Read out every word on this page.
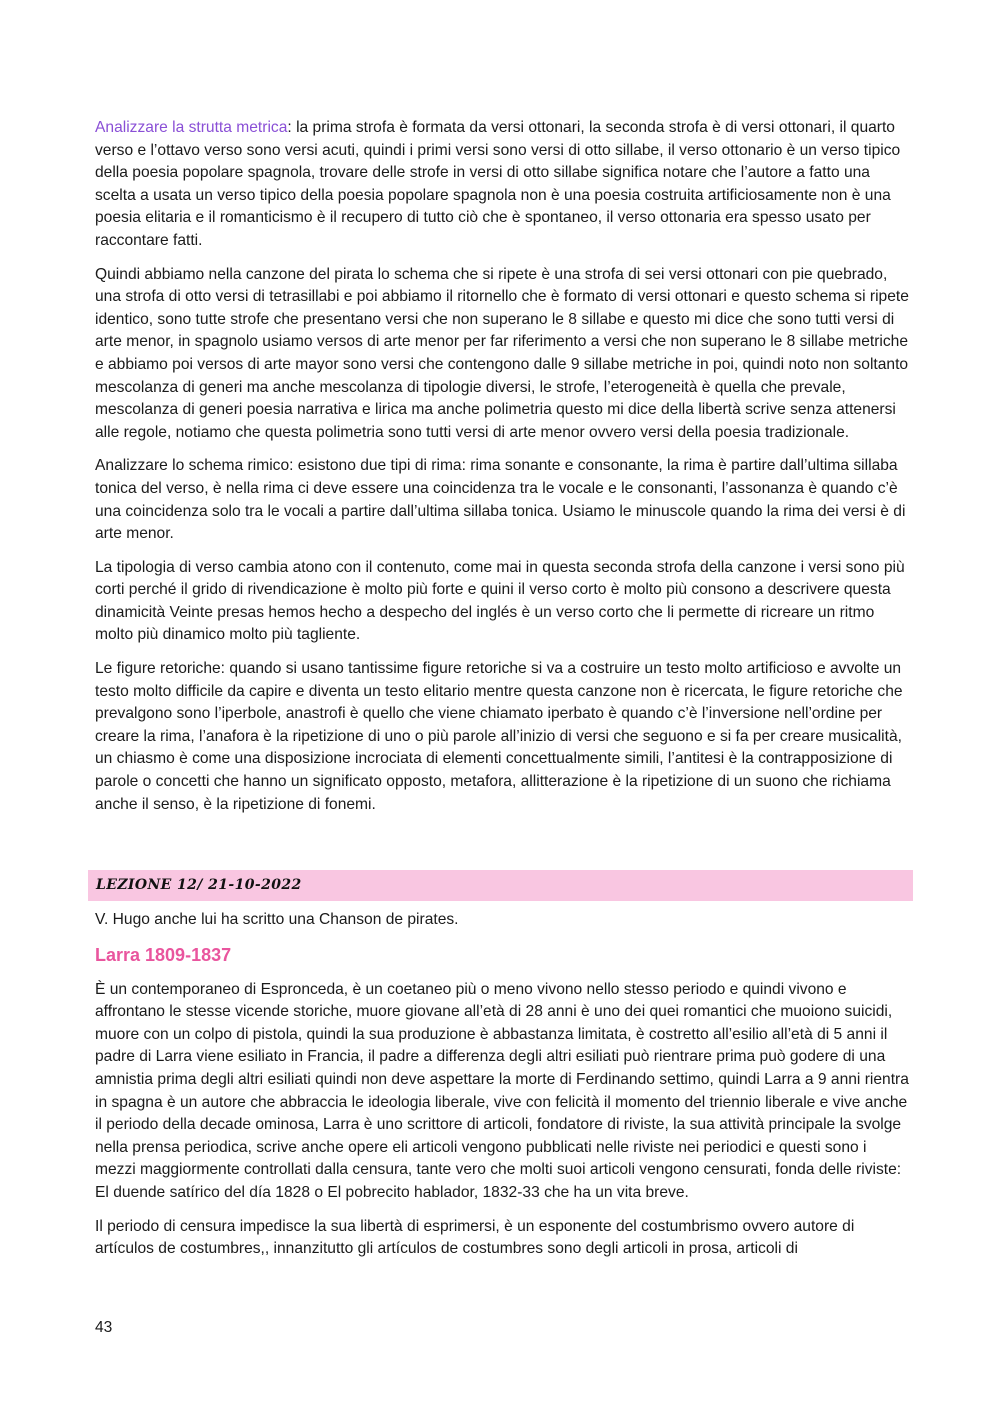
Analizzare la strutta metrica: la prima strofa è formata da versi ottonari, la seconda strofa è di versi ottonari, il quarto verso e l’ottavo verso sono versi acuti, quindi i primi versi sono versi di otto sillabe, il verso ottonario è un verso tipico della poesia popolare spagnola, trovare delle strofe in versi di otto sillabe significa notare che l’autore a fatto una scelta a usata un verso tipico della poesia popolare spagnola non è una poesia costruita artificiosamente non è una poesia elitaria e il romanticismo è il recupero di tutto ciò che è spontaneo, il verso ottonaria era spesso usato per raccontare fatti.

Quindi abbiamo nella canzone del pirata lo schema che si ripete è una strofa di sei versi ottonari con pie quebrado, una strofa di otto versi di tetrasillabi e poi abbiamo il ritornello che è formato di versi ottonari e questo schema si ripete identico, sono tutte strofe che presentano versi che non superano le 8 sillabe e questo mi dice che sono tutti versi di arte menor, in spagnolo usiamo versos di arte menor per far riferimento a versi che non superano le 8 sillabe metriche e abbiamo poi versos di arte mayor sono versi che contengono dalle 9 sillabe metriche in poi, quindi noto non soltanto mescolanza di generi ma anche mescolanza di tipologie diversi, le strofe, l’eterogeneità è quella che prevale, mescolanza di generi poesia narrativa e lirica ma anche polimetria questo mi dice della libertà scrive senza attenersi alle regole, notiamo che questa polimetria sono tutti versi di arte menor ovvero versi della poesia tradizionale.

Analizzare lo schema rimico: esistono due tipi di rima: rima sonante e consonante, la rima è partire dall’ultima sillaba tonica del verso, è nella rima ci deve essere una coincidenza tra le vocale e le consonanti, l’assonanza è quando c’è una coincidenza solo tra le vocali a partire dall’ultima sillaba tonica. Usiamo le minuscole quando la rima dei versi è di arte menor.

La tipologia di verso cambia atono con il contenuto, come mai in questa seconda strofa della canzone i versi sono più corti perché il grido di rivendicazione è molto più forte e quini il verso corto è molto più consono a descrivere questa dinamicità Veinte presas hemos hecho a despecho del inglés è un verso corto che li permette di ricreare un ritmo molto più dinamico molto più tagliente.

Le figure retoriche: quando si usano tantissime figure retoriche si va a costruire un testo molto artificioso e avvolte un testo molto difficile da capire e diventa un testo elitario mentre questa canzone non è ricercata, le figure retoriche che prevalgono sono l’iperbole, anastrofi è quello che viene chiamato iperbato è quando c’è l’inversione nell’ordine per creare la rima, l’anafora è la ripetizione di uno o più parole all’inizio di versi che seguono e si fa per creare musicalità, un chiasmo è come una disposizione incrociata di elementi concettualmente simili, l’antitesi è la contrapposizione di parole o concetti che hanno un significato opposto, metafora, allitterazione è la ripetizione di un suono che richiama anche il senso, è la ripetizione di fonemi.

LEZIONE 12/ 21-10-2022

V. Hugo anche lui ha scritto una Chanson de pirates.

Larra 1809-1837

È un contemporaneo di Espronceda, è un coetaneo più o meno vivono nello stesso periodo e quindi vivono e affrontano le stesse vicende storiche, muore giovane all’età di 28 anni è uno dei quei romantici che muoiono suicidi, muore con un colpo di pistola, quindi la sua produzione è abbastanza limitata, è costretto all’esilio all’età di 5 anni il padre di Larra viene esiliato in Francia, il padre a differenza degli altri esiliati può rientrare prima può godere di una amnistia prima degli altri esiliati quindi non deve aspettare la morte di Ferdinando settimo, quindi Larra a 9 anni rientra in spagna è un autore che abbraccia le ideologia liberale, vive con felicità il momento del triennio liberale e vive anche il periodo della decade ominosa, Larra è uno scrittore di articoli, fondatore di riviste, la sua attività principale la svolge nella prensa periodica, scrive anche opere eli articoli vengono pubblicati nelle riviste nei periodici e questi sono i mezzi maggiormente controllati dalla censura, tante vero che molti suoi articoli vengono censurati, fonda delle riviste: El duende satírico del día 1828 o El pobrecito hablador, 1832-33 che ha un vita breve.

Il periodo di censura impedisce la sua libertà di esprimersi, è un esponente del costumbrismo ovvero autore di artículos de costumbres,, innanzitutto gli artículos de costumbres sono degli articoli in prosa, articoli di

43
